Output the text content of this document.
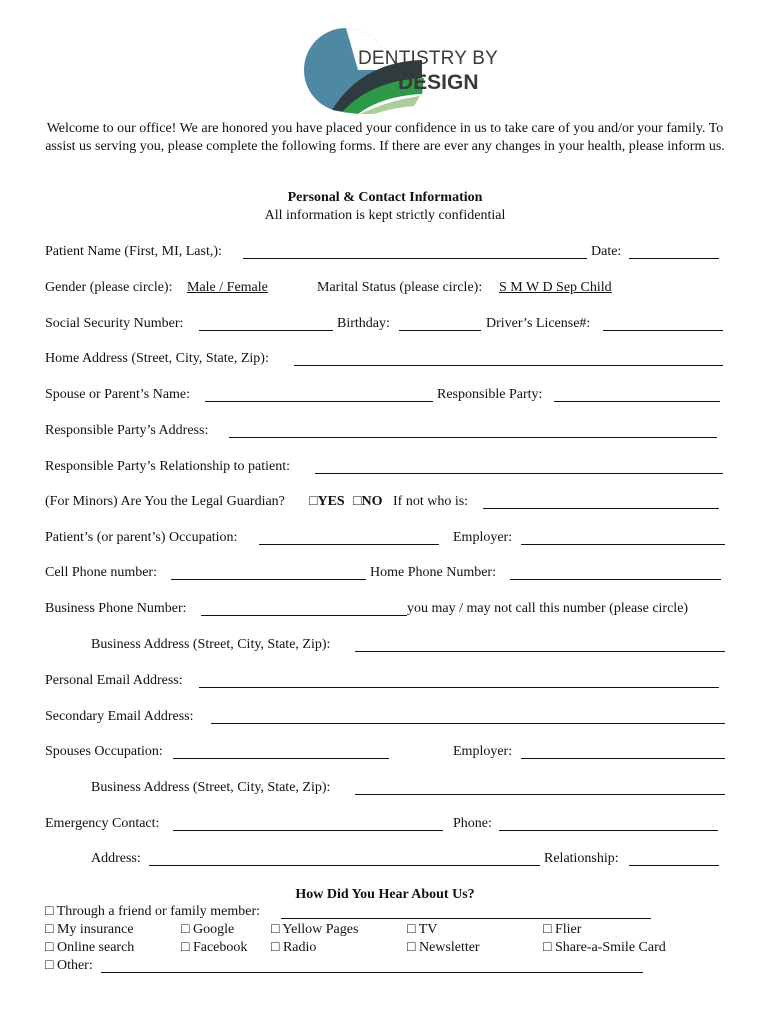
DENTISTRY BY
DESIGN
Welcome to our office! We are honored you have placed your confidence in us to take care of you and/or your family. To assist us serving you, please complete the following forms. If there are ever any changes in your health, please inform us.
Personal & Contact Information
All information is kept strictly confidential
Patient Name (First, MI, Last,):	Date:
Gender (please circle): Male / Female	Marital Status (please circle): S M W D Sep Child
Social Security Number:	Birthday:	Driver’s License#:
Home Address (Street, City, State, Zip):
Spouse or Parent’s Name:	Responsible Party:
Responsible Party’s Address:
Responsible Party’s Relationship to patient:
(For Minors) Are You the Legal Guardian? □YES □NO If not who is:
Patient’s (or parent’s) Occupation:	Employer:
Cell Phone number:	Home Phone Number:
Business Phone Number:	you may / may not call this number (please circle)
Business Address (Street, City, State, Zip):
Personal Email Address:
Secondary Email Address:
Spouses Occupation:	Employer:
Business Address (Street, City, State, Zip):
Emergency Contact:	Phone:
Address:	Relationship:
How Did You Hear About Us?
□ Through a friend or family member:
□ My insurance	□ Google	□ Yellow Pages	□ TV	□ Flier
□ Online search	□ Facebook □ Radio	□ Newsletter	□ Share-a-Smile Card
□ Other:
